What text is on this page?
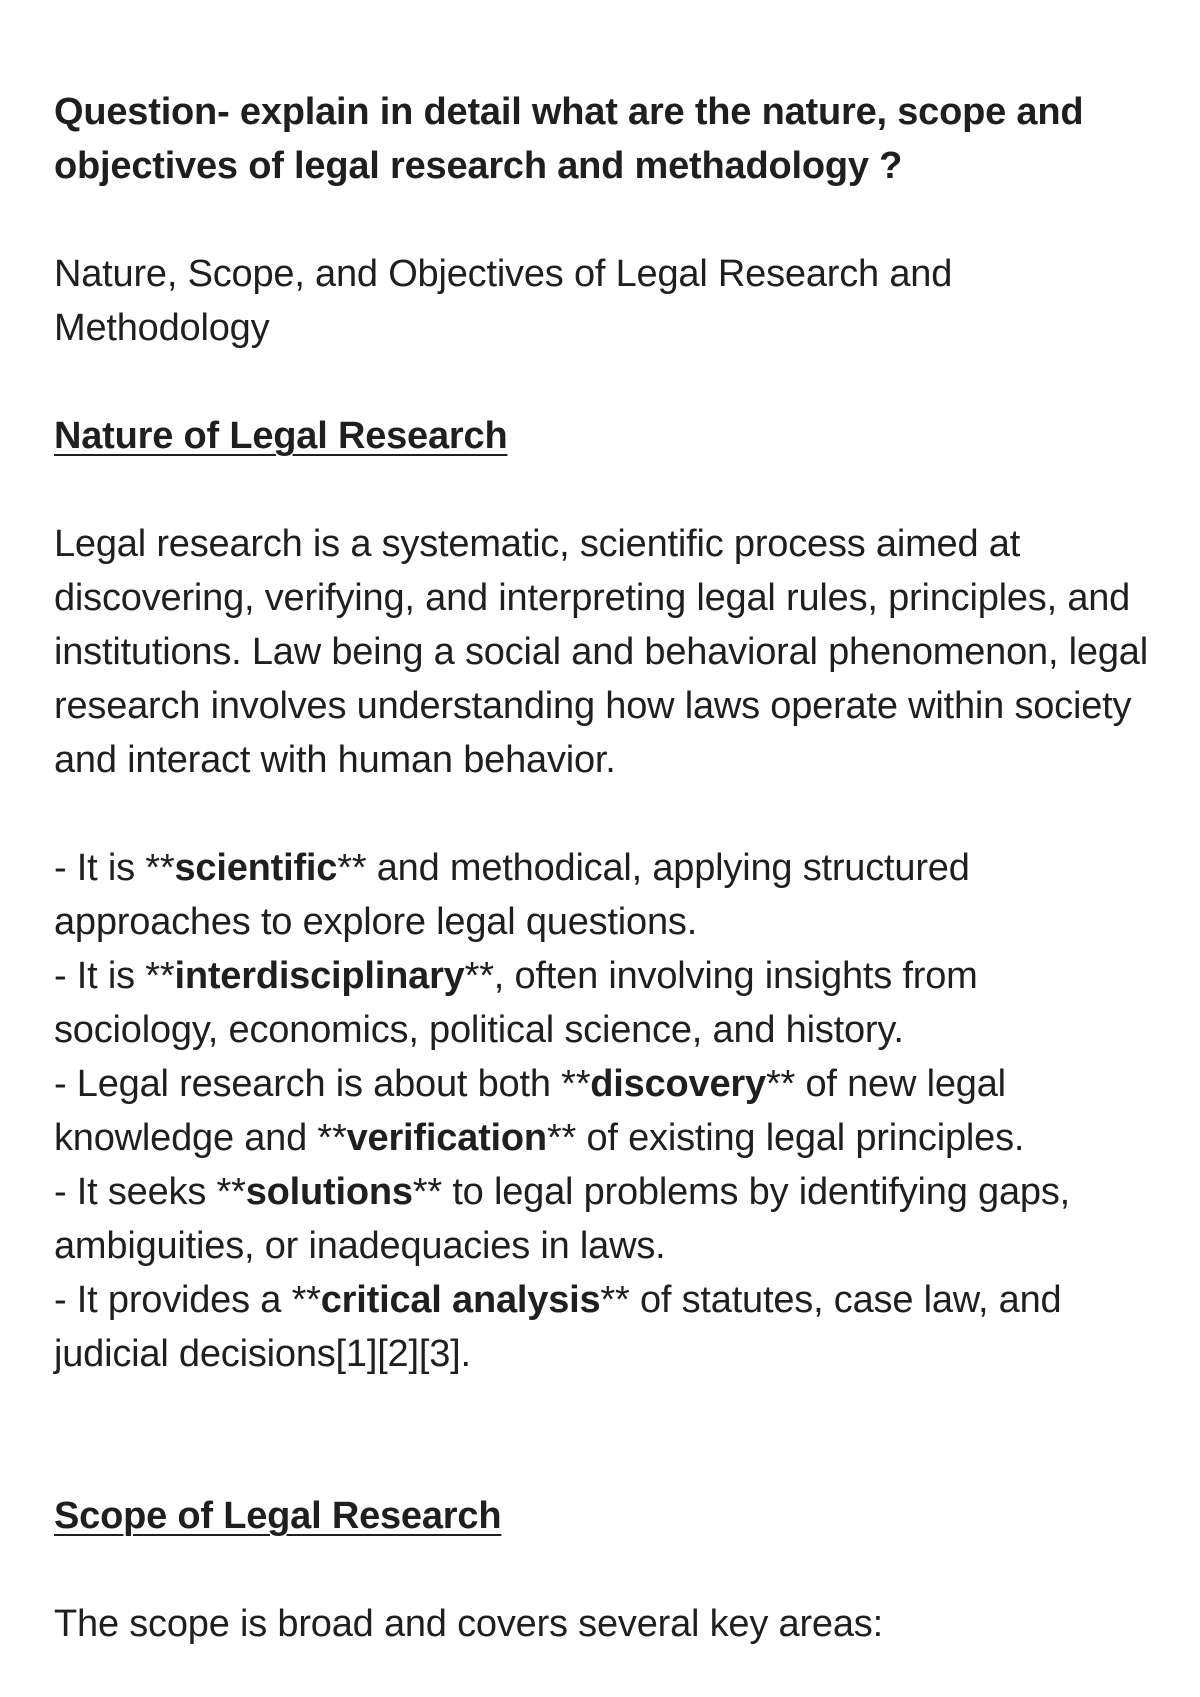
Question- explain in detail what are the nature, scope and objectives of legal research and methadology ?

Nature, Scope, and Objectives of Legal Research and Methodology

Nature of Legal Research

Legal research is a systematic, scientific process aimed at discovering, verifying, and interpreting legal rules, principles, and institutions. Law being a social and behavioral phenomenon, legal research involves understanding how laws operate within society and interact with human behavior.

- It is **scientific** and methodical, applying structured approaches to explore legal questions.

- It is **interdisciplinary**, often involving insights from sociology, economics, political science, and history.

- Legal research is about both **discovery** of new legal knowledge and **verification** of existing legal principles.

- It seeks **solutions** to legal problems by identifying gaps, ambiguities, or inadequacies in laws.

- It provides a **critical analysis** of statutes, case law, and judicial decisions[1][2][3].

Scope of Legal Research

The scope is broad and covers several key areas:
